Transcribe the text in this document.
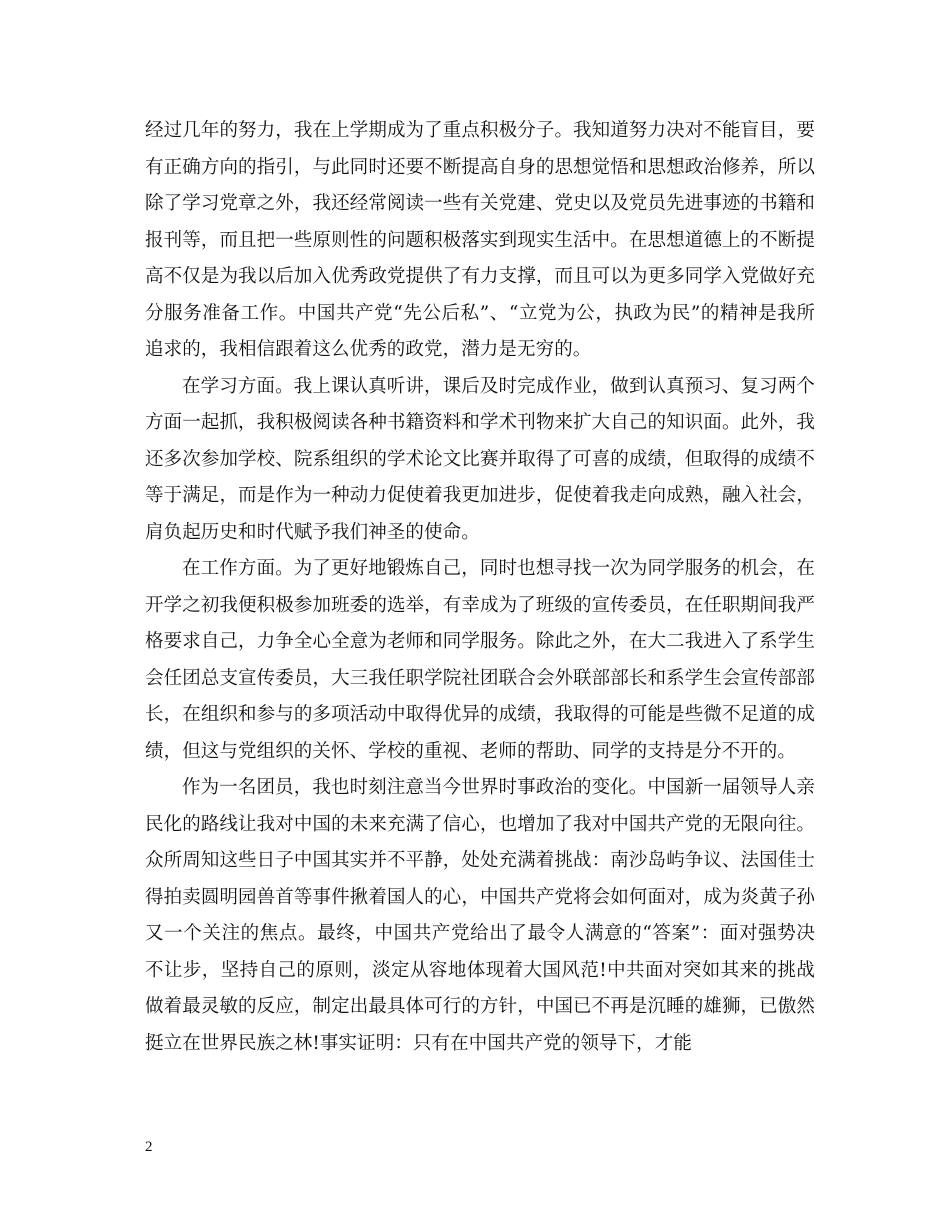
经过几年的努力，我在上学期成为了重点积极分子。我知道努力决对不能盲目，要有正确方向的指引，与此同时还要不断提高自身的思想觉悟和思想政治修养，所以除了学习党章之外，我还经常阅读一些有关党建、党史以及党员先进事迹的书籍和报刊等，而且把一些原则性的问题积极落实到现实生活中。在思想道德上的不断提高不仅是为我以后加入优秀政党提供了有力支撑，而且可以为更多同学入党做好充分服务准备工作。中国共产党“先公后私”、“立党为公，执政为民”的精神是我所追求的，我相信跟着这么优秀的政党，潜力是无穷的。

在学习方面。我上课认真听讲，课后及时完成作业，做到认真预习、复习两个方面一起抓，我积极阅读各种书籍资料和学术刊物来扩大自己的知识面。此外，我还多次参加学校、院系组织的学术论文比赛并取得了可喜的成绩，但取得的成绩不等于满足，而是作为一种动力促使着我更加进步，促使着我走向成熟，融入社会，肩负起历史和时代赋予我们神圣的使命。

在工作方面。为了更好地锻炼自己，同时也想寻找一次为同学服务的机会，在开学之初我便积极参加班委的选举，有幸成为了班级的宣传委员，在任职期间我严格要求自己，力争全心全意为老师和同学服务。除此之外，在大二我进入了系学生会任团总支宣传委员，大三我任职学院社团联合会外联部部长和系学生会宣传部部长，在组织和参与的多项活动中取得优异的成绩，我取得的可能是些微不足道的成绩，但这与党组织的关怀、学校的重视、老师的帮助、同学的支持是分不开的。

作为一名团员，我也时刻注意当今世界时事政治的变化。中国新一届领导人亲民化的路线让我对中国的未来充满了信心，也增加了我对中国共产党的无限向往。众所周知这些日子中国其实并不平静，处处充满着挑战：南沙岛屿争议、法国佳士得拍卖圆明园兽首等事件揪着国人的心，中国共产党将会如何面对，成为炎黄子孙又一个关注的焦点。最终，中国共产党给出了最令人满意的“答案”：面对强势决不让步，坚持自己的原则，淡定从容地体现着大国风范!中共面对突如其来的挑战做着最灵敏的反应，制定出最具体可行的方针，中国已不再是沉睡的雄狮，已傲然挺立在世界民族之林!事实证明：只有在中国共产党的领导下，才能

2
